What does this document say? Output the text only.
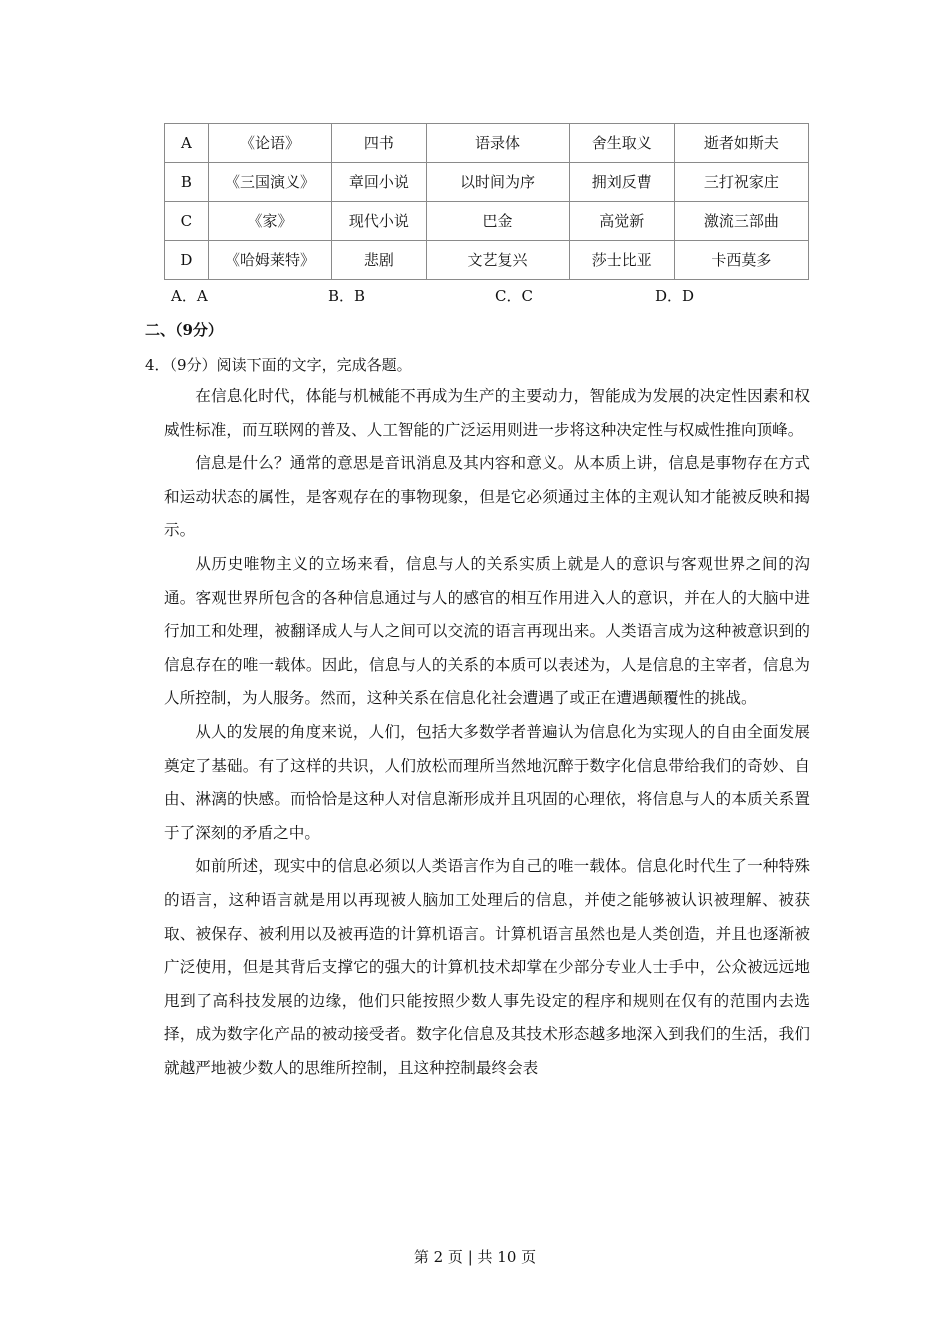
A	《论语》	四书	语录体	舍生取义	逝者如斯夫
B	《三国演义》	章回小说	以时间为序	拥刘反曹	三打祝家庄
C	《家》	现代小说	巴金	高觉新	激流三部曲
D	《哈姆莱特》	悲剧	文艺复兴	莎士比亚	卡西莫多
A．A	B．B	C．C	D．D
二、（9分）
4．（9分）阅读下面的文字，完成各题。

在信息化时代，体能与机械能不再成为生产的主要动力，智能成为发展的决定性因素和权威性标准，而互联网的普及、人工智能的广泛运用则进一步将这种决定性与权威性推向顶峰。

信息是什么？通常的意思是音讯消息及其内容和意义。从本质上讲，信息是事物存在方式和运动状态的属性，是客观存在的事物现象，但是它必须通过主体的主观认知才能被反映和揭示。

从历史唯物主义的立场来看，信息与人的关系实质上就是人的意识与客观世界之间的沟通。客观世界所包含的各种信息通过与人的感官的相互作用进入人的意识，并在人的大脑中进行加工和处理，被翻译成人与人之间可以交流的语言再现出来。人类语言成为这种被意识到的信息存在的唯一载体。因此，信息与人的关系的本质可以表述为，人是信息的主宰者，信息为人所控制，为人服务。然而，这种关系在信息化社会遭遇了或正在遭遇颠覆性的挑战。

从人的发展的角度来说，人们，包括大多数学者普遍认为信息化为实现人的自由全面发展奠定了基础。有了这样的共识，人们放松而理所当然地沉醉于数字化信息带给我们的奇妙、自由、淋漓的快感。而恰恰是这种人对信息渐形成并且巩固的心理依，将信息与人的本质关系置于了深刻的矛盾之中。

如前所述，现实中的信息必须以人类语言作为自己的唯一载体。信息化时代生了一种特殊的语言，这种语言就是用以再现被人脑加工处理后的信息，并使之能够被认识被理解、被获取、被保存、被利用以及被再造的计算机语言。计算机语言虽然也是人类创造，并且也逐渐被广泛使用，但是其背后支撑它的强大的计算机技术却掌在少部分专业人士手中，公众被远远地甩到了高科技发展的边缘，他们只能按照少数人事先设定的程序和规则在仅有的范围内去选择，成为数字化产品的被动接受者。数字化信息及其技术形态越多地深入到我们的生活，我们就越严地被少数人的思维所控制，且这种控制最终会表

第 2 页 | 共 10 页
